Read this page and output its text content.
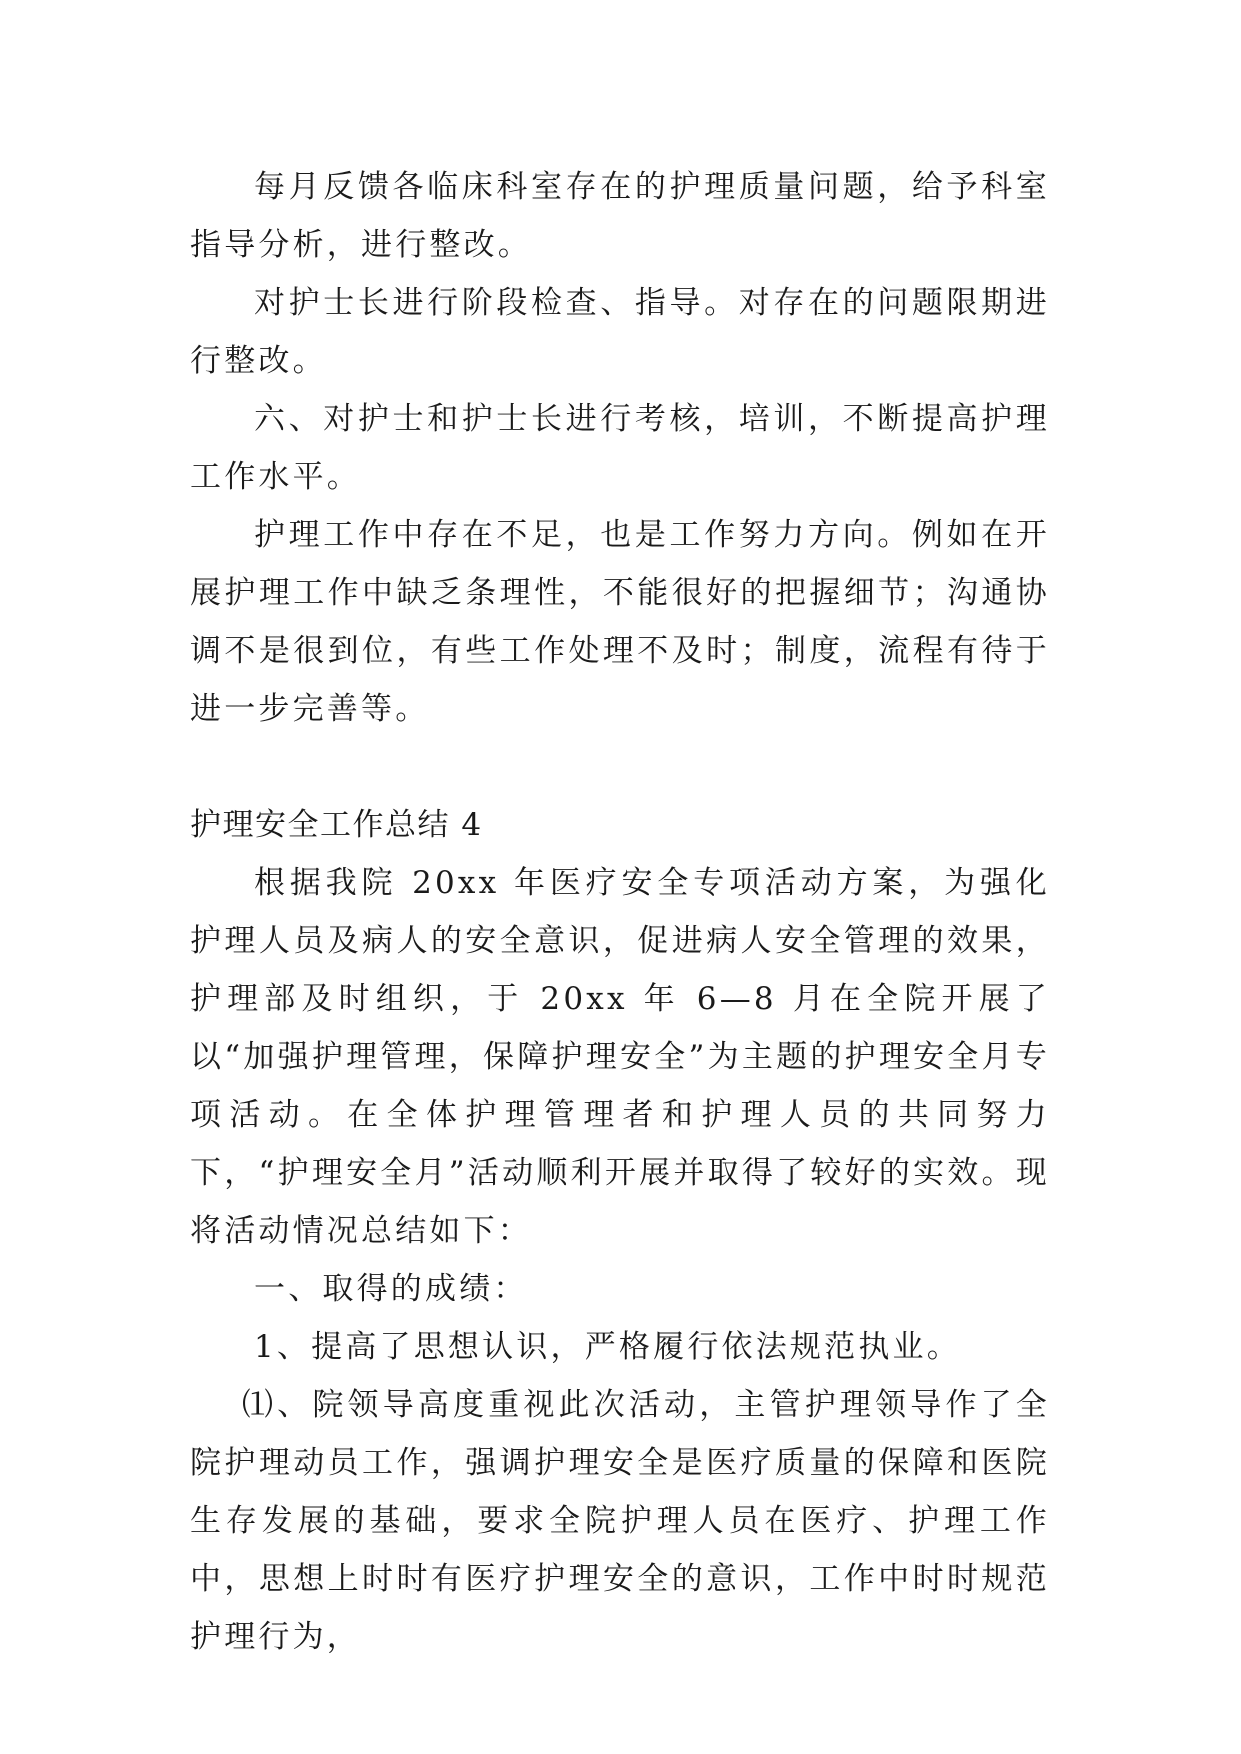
每月反馈各临床科室存在的护理质量问题，给予科室指导分析，进行整改。

对护士长进行阶段检查、指导。对存在的问题限期进行整改。

六、对护士和护士长进行考核，培训，不断提高护理工作水平。

护理工作中存在不足，也是工作努力方向。例如在开展护理工作中缺乏条理性，不能很好的把握细节；沟通协调不是很到位，有些工作处理不及时；制度，流程有待于进一步完善等。

护理安全工作总结 4

根据我院 20xx 年医疗安全专项活动方案，为强化护理人员及病人的安全意识，促进病人安全管理的效果，护理部及时组织，于 20xx 年 6—8 月在全院开展了以“加强护理管理，保障护理安全”为主题的护理安全月专项活动。在全体护理管理者和护理人员的共同努力下，“护理安全月”活动顺利开展并取得了较好的实效。现将活动情况总结如下：

一、取得的成绩：

1、提高了思想认识，严格履行依法规范执业。

⑴、院领导高度重视此次活动，主管护理领导作了全院护理动员工作，强调护理安全是医疗质量的保障和医院生存发展的基础，要求全院护理人员在医疗、护理工作中，思想上时时有医疗护理安全的意识，工作中时时规范护理行为，
